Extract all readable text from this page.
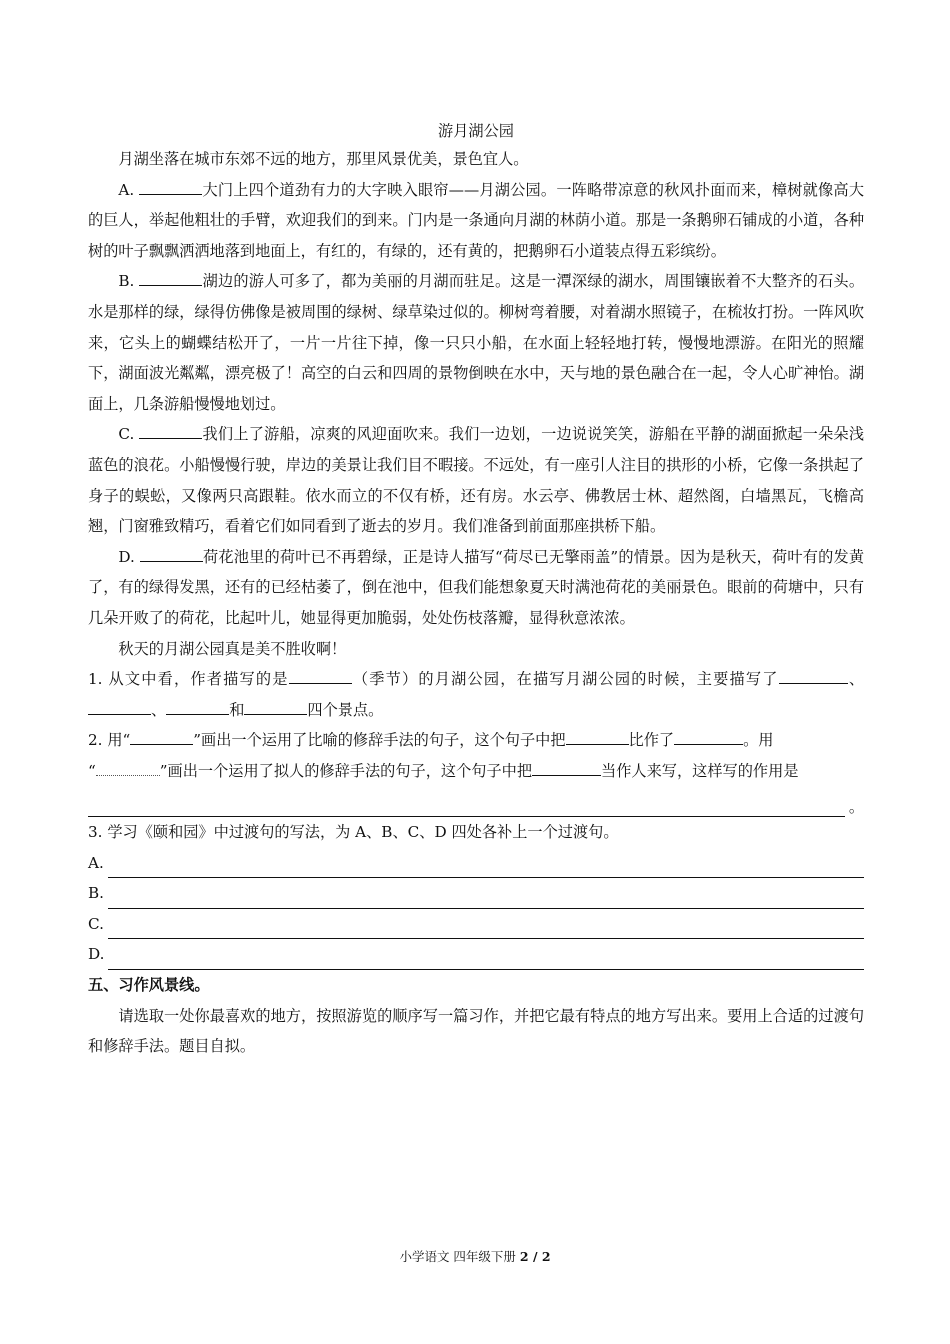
游月湖公园

月湖坐落在城市东郊不远的地方，那里风景优美，景色宜人。

A.	大门上四个道劲有力的大字映入眼帘——月湖公园。一阵略带凉意的秋风扑面而来，樟树就像高大的巨人，举起他粗壮的手臂，欢迎我们的到来。门内是一条通向月湖的林荫小道。那是一条鹅卵石铺成的小道，各种树的叶子飘飘洒洒地落到地面上，有红的，有绿的，还有黄的，把鹅卵石小道装点得五彩缤纷。

B.	湖边的游人可多了，都为美丽的月湖而驻足。这是一潭深绿的湖水，周围镶嵌着不大整齐的石头。水是那样的绿，绿得仿佛像是被周围的绿树、绿草染过似的。柳树弯着腰，对着湖水照镜子，在梳妆打扮。一阵风吹来，它头上的蝴蝶结松开了，一片一片往下掉，像一只只小船，在水面上轻轻地打转，慢慢地漂游。在阳光的照耀下，湖面波光粼粼，漂亮极了！高空的白云和四周的景物倒映在水中，天与地的景色融合在一起，令人心旷神怡。湖面上，几条游船慢慢地划过。

C.	我们上了游船，凉爽的风迎面吹来。我们一边划，一边说说笑笑，游船在平静的湖面掀起一朵朵浅蓝色的浪花。小船慢慢行驶，岸边的美景让我们目不暇接。不远处，有一座引人注目的拱形的小桥，它像一条拱起了身子的蜈蚣，又像两只高跟鞋。依水而立的不仅有桥，还有房。水云亭、佛教居士林、超然阁，白墙黑瓦，飞檐高翘，门窗雅致精巧，看着它们如同看到了逝去的岁月。我们准备到前面那座拱桥下船。

D.	荷花池里的荷叶已不再碧绿，正是诗人描写“荷尽已无擎雨盖”的情景。因为是秋天，荷叶有的发黄了，有的绿得发黑，还有的已经枯萎了，倒在池中，但我们能想象夏天时满池荷花的美丽景色。眼前的荷塘中，只有几朵开败了的荷花，比起叶儿，她显得更加脆弱，处处伤枝落瓣，显得秋意浓浓。

秋天的月湖公园真是美不胜收啊！

1. 从文中看，作者描写的是	（季节）的月湖公园，在描写月湖公园的时候，主要描写了	、、	和	四个景点。

2. 用“	”画出一个运用了比喻的修辞手法的句子，这个句子中把	比作了	。用
“	”画出一个运用了拟人的修辞手法的句子，这个句子中把	当作人来写，这样写的作用是

。

3. 学习《颐和园》中过渡句的写法，为 A、B、C、D 四处各补上一个过渡句。

A.
B.
C.
D.

五、习作风景线。

请选取一处你最喜欢的地方，按照游览的顺序写一篇习作，并把它最有特点的地方写出来。要用上合适的过渡句和修辞手法。题目自拟。

小学语文 四年级下册 2 / 2
